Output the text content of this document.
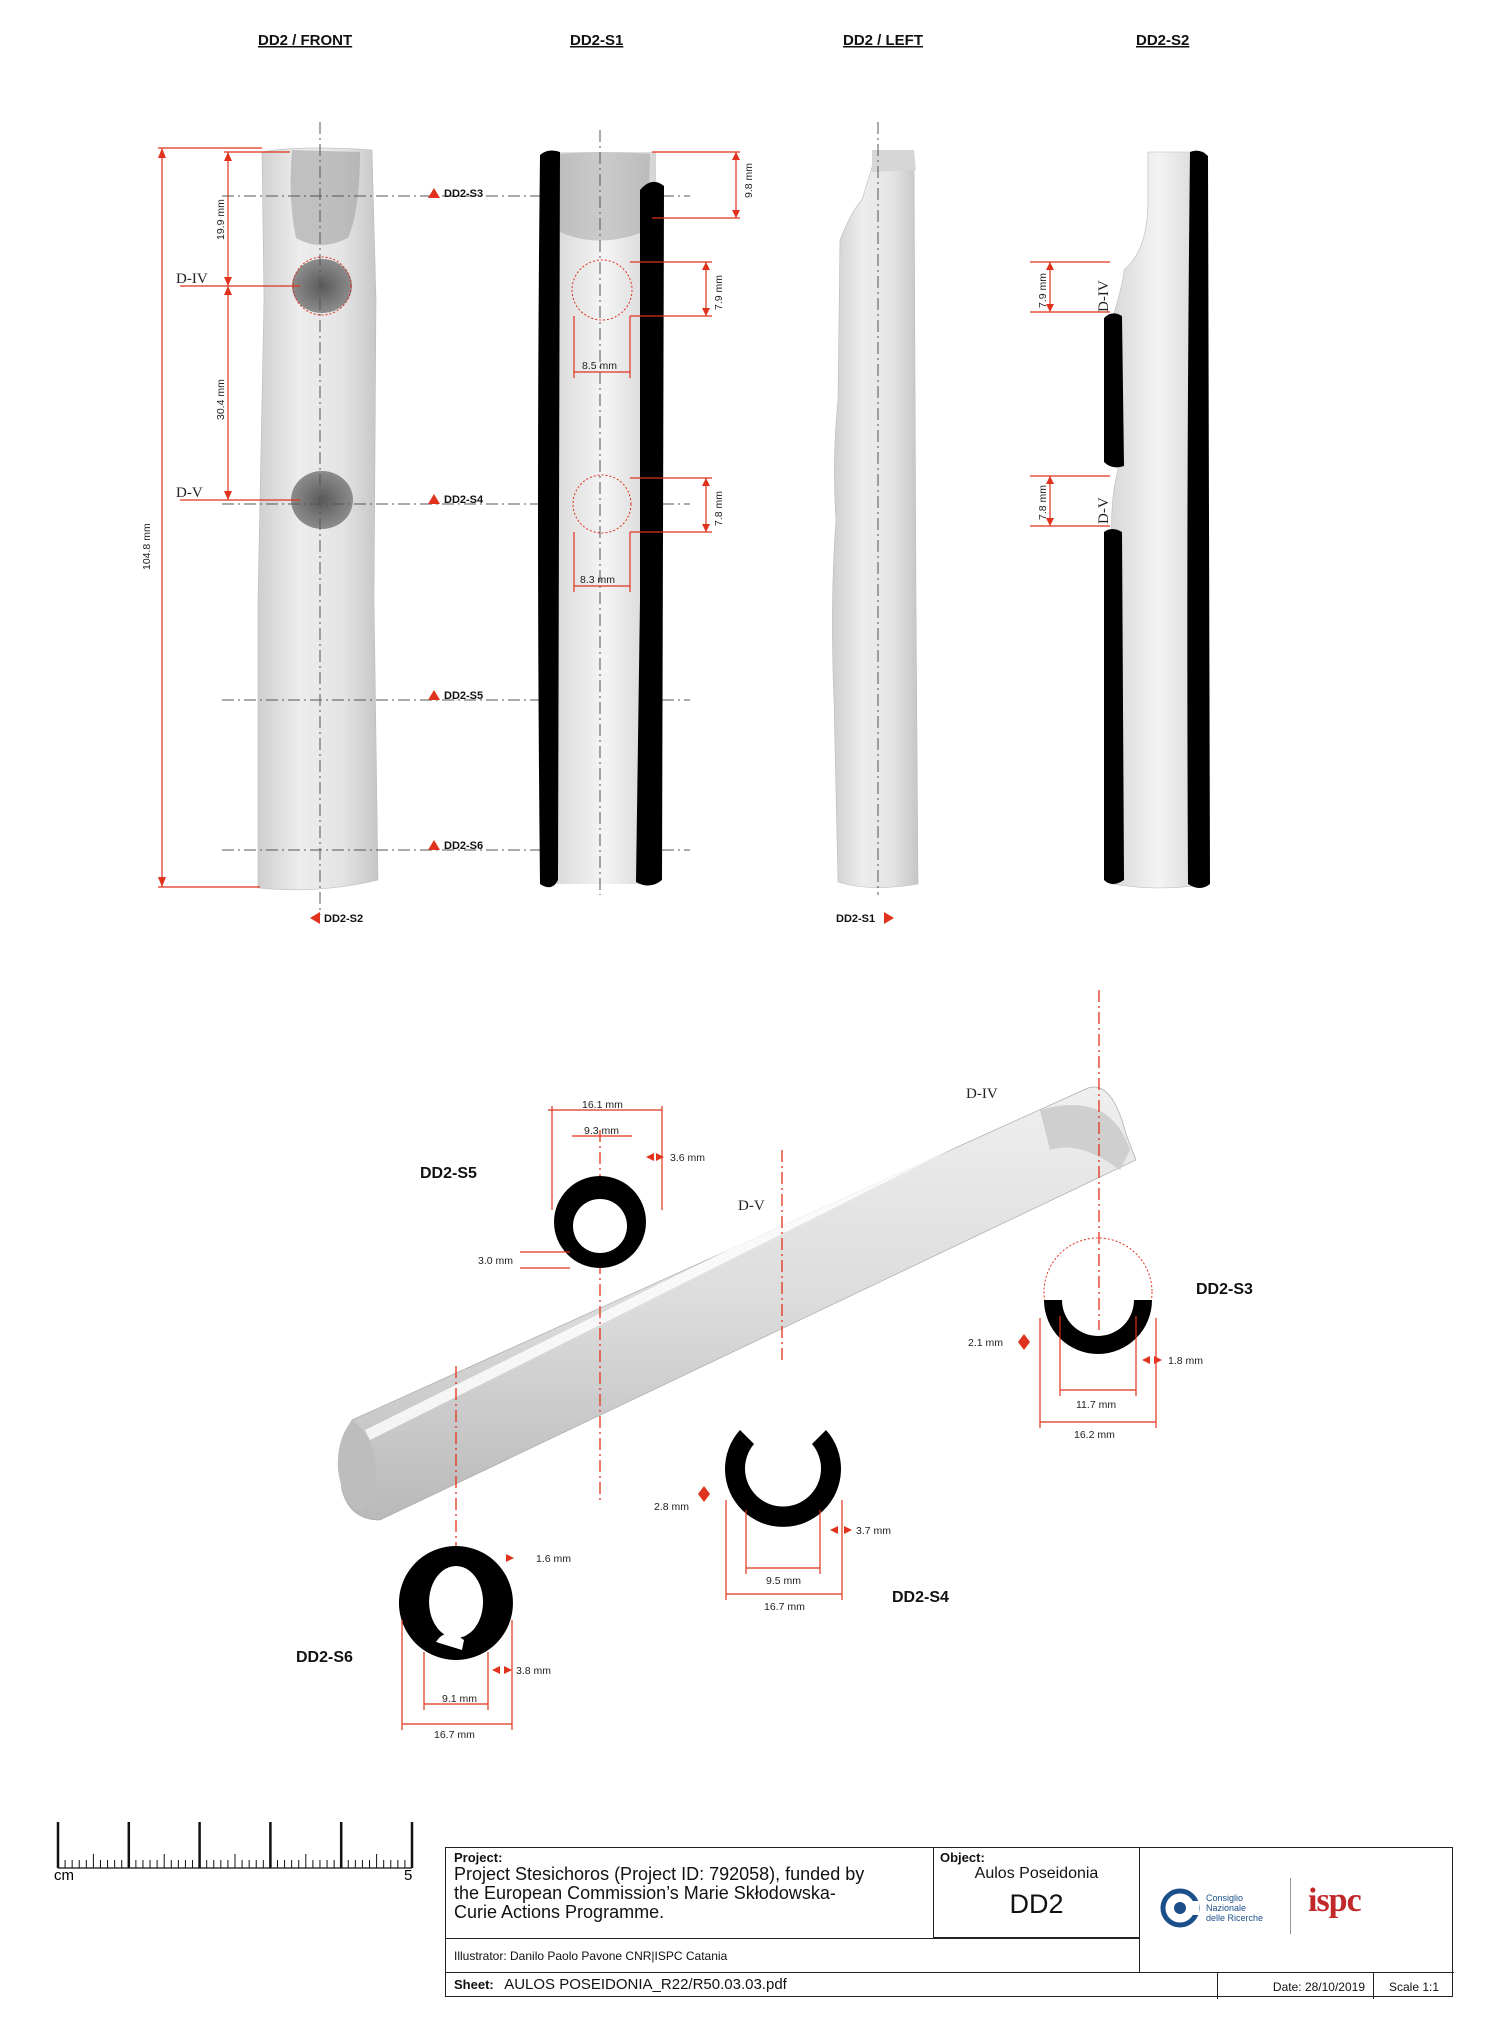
DD2 / FRONT	DD2-S1	DD2 / LEFT	DD2-S2
104.8 mm
19.9 mm
30.4 mm
D-IV
D-V
DD2-S2
DD2-S3
DD2-S4
DD2-S5
DD2-S6
9.8 mm
7.9 mm
8.5 mm
7.8 mm
8.3 mm
DD2-S1
7.9 mm	D-IV
7.8 mm	D-V
D-IV
D-V
16.1 mm
9.3 mm
3.6 mm
3.0 mm
DD2-S5
16.2 mm
11.7 mm
1.8 mm
2.1 mm
DD2-S3
16.7 mm
9.5 mm
3.7 mm
2.8 mm
DD2-S4
1.6 mm
16.7 mm
9.1 mm
3.8 mm
DD2-S6
cm	5
Project:
Project Stesichoros (Project ID: 792058), funded by
the European Commission’s Marie Skłodowska-
Curie Actions Programme.
Object:
Aulos Poseidonia
DD2	Consiglio
Nazionale
delle Ricerche ispc
Illustrator: Danilo Paolo Pavone CNR|ISPC Catania
Sheet: AULOS POSEIDONIA_R22/R50.03.03.pdf	Date: 28/10/2019	Scale 1:1
